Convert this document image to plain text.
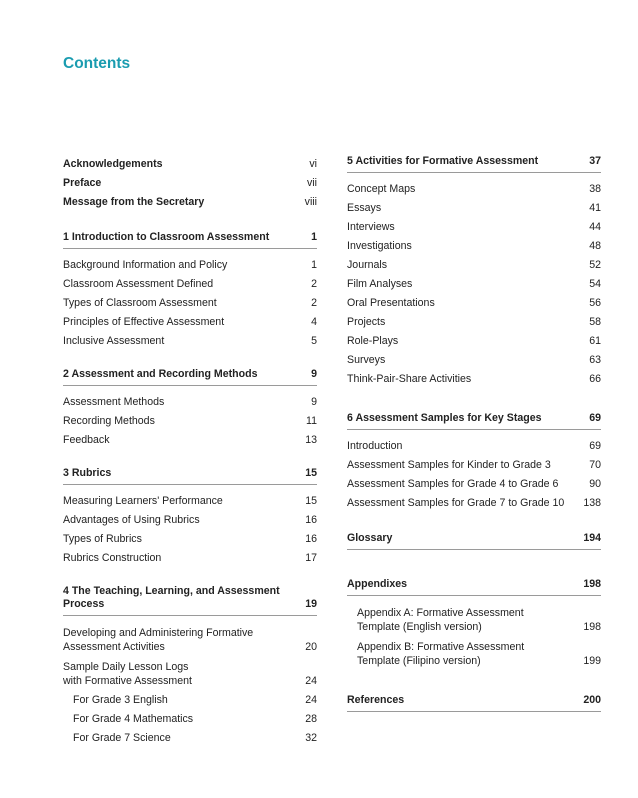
Contents
Acknowledgements	vi
Preface	vii
Message from the Secretary	viii
1 Introduction to Classroom Assessment	1
Background Information and Policy	1
Classroom Assessment Defined	2
Types of Classroom Assessment	2
Principles of Effective Assessment	4
Inclusive Assessment	5
2 Assessment and Recording Methods	9
Assessment Methods	9
Recording Methods	11
Feedback	13
3 Rubrics	15
Measuring Learners' Performance	15
Advantages of Using Rubrics	16
Types of Rubrics	16
Rubrics Construction	17
4 The Teaching, Learning, and Assessment Process	19
Developing and Administering Formative
Assessment Activities	20
Sample Daily Lesson Logs
with Formative Assessment	24
For Grade 3 English	24
For Grade 4 Mathematics	28
For Grade 7 Science	32
5 Activities for Formative Assessment	37
Concept Maps	38
Essays	41
Interviews	44
Investigations	48
Journals	52
Film Analyses	54
Oral Presentations	56
Projects	58
Role-Plays	61
Surveys	63
Think-Pair-Share Activities	66
6 Assessment Samples for Key Stages	69
Introduction	69
Assessment Samples for Kinder to Grade 3	70
Assessment Samples for Grade 4 to Grade 6	90
Assessment Samples for Grade 7 to Grade 10	138
Glossary	194
Appendixes	198
Appendix A: Formative Assessment
Template (English version)	198
Appendix B: Formative Assessment
Template (Filipino version)	199
References	200
